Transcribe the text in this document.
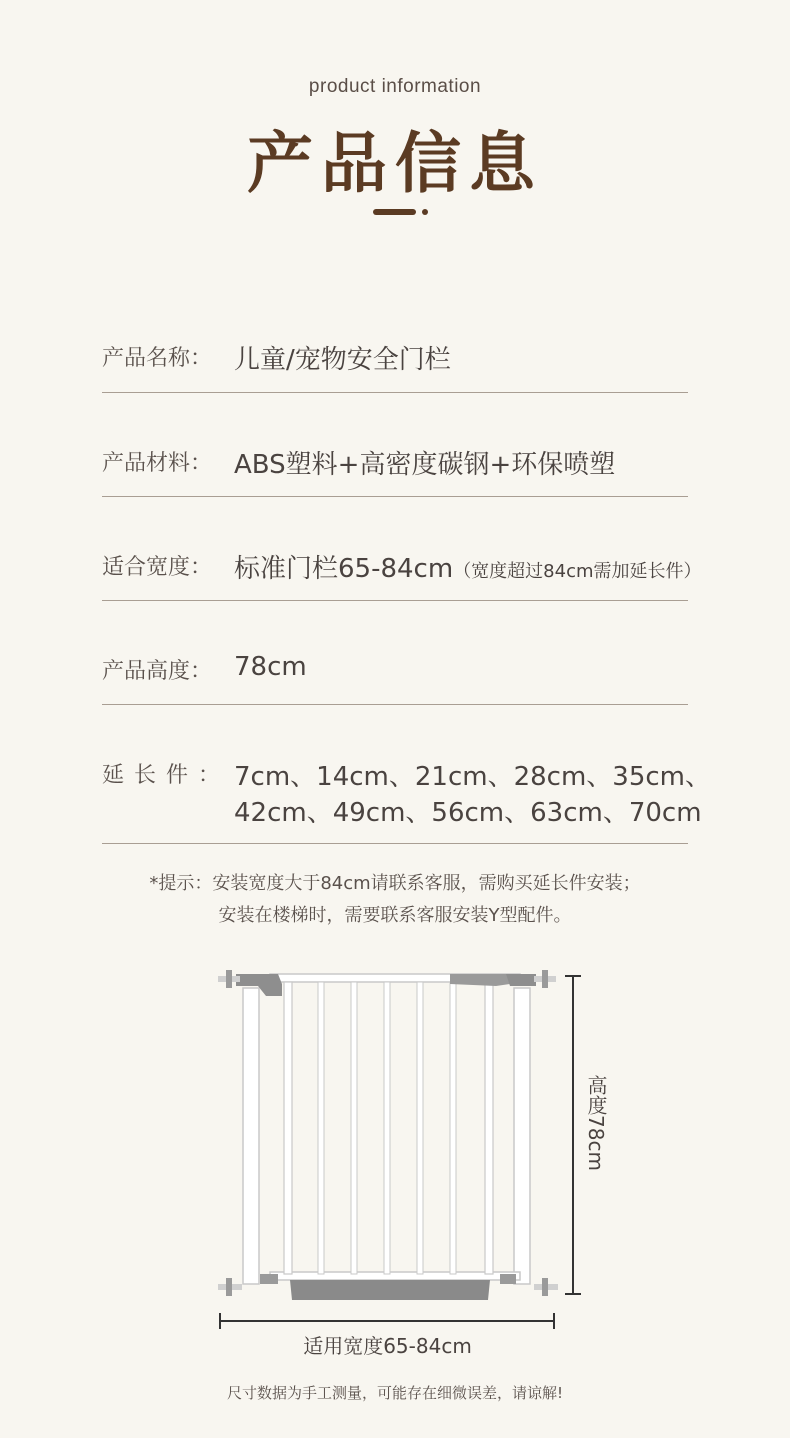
product information
产品信息
产品名称： 儿童/宠物安全门栏
产品材料： ABS塑料+高密度碳钢+环保喷塑
适合宽度： 标准门栏65-84cm（宽度超过84cm需加延长件）
产品高度： 78cm
延长件： 7cm、14cm、21cm、28cm、35cm、
42cm、49cm、56cm、63cm、70cm
*提示：安装宽度大于84cm请联系客服，需购买延长件安装；
安装在楼梯时，需要联系客服安装Y型配件。
高度78cm
适用宽度65-84cm
尺寸数据为手工测量，可能存在细微误差，请谅解!
